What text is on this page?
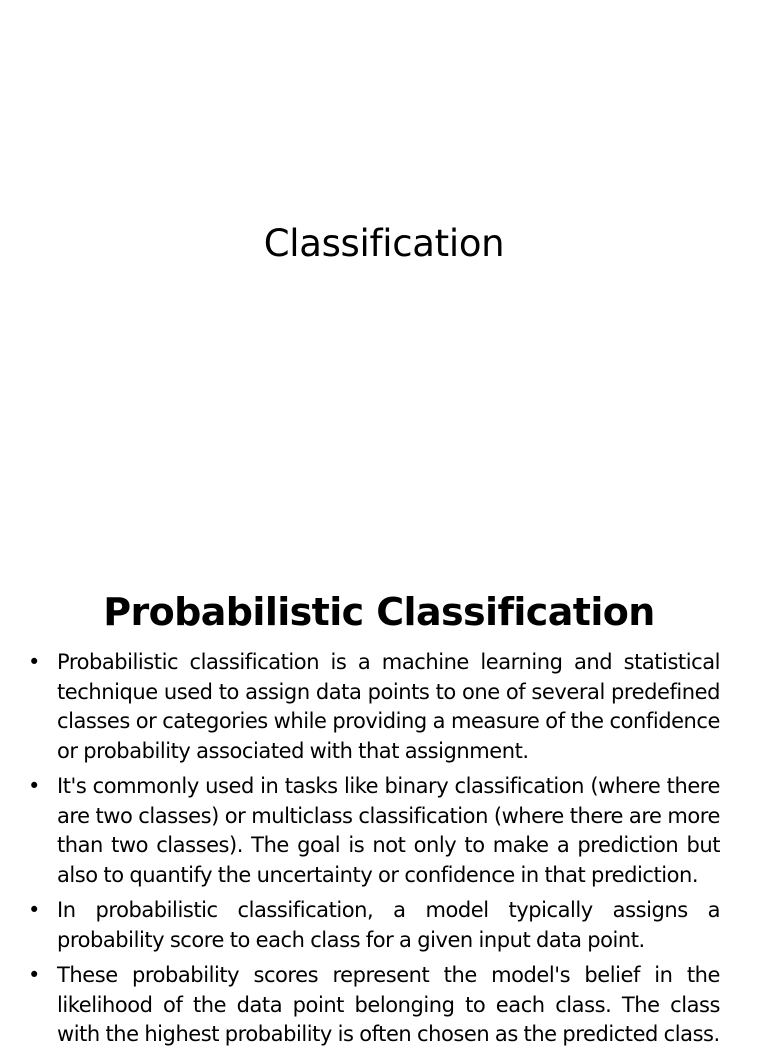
Classification
Probabilistic Classification
• Probabilistic classification is a machine learning and statistical technique used to assign data points to one of several predefined classes or categories while providing a measure of the confidence or probability associated with that assignment.
• It's commonly used in tasks like binary classification (where there are two classes) or multiclass classification (where there are more than two classes). The goal is not only to make a prediction but also to quantify the uncertainty or confidence in that prediction.
• In probabilistic classification, a model typically assigns a probability score to each class for a given input data point.
• These probability scores represent the model's belief in the likelihood of the data point belonging to each class. The class with the highest probability is often chosen as the predicted class.
